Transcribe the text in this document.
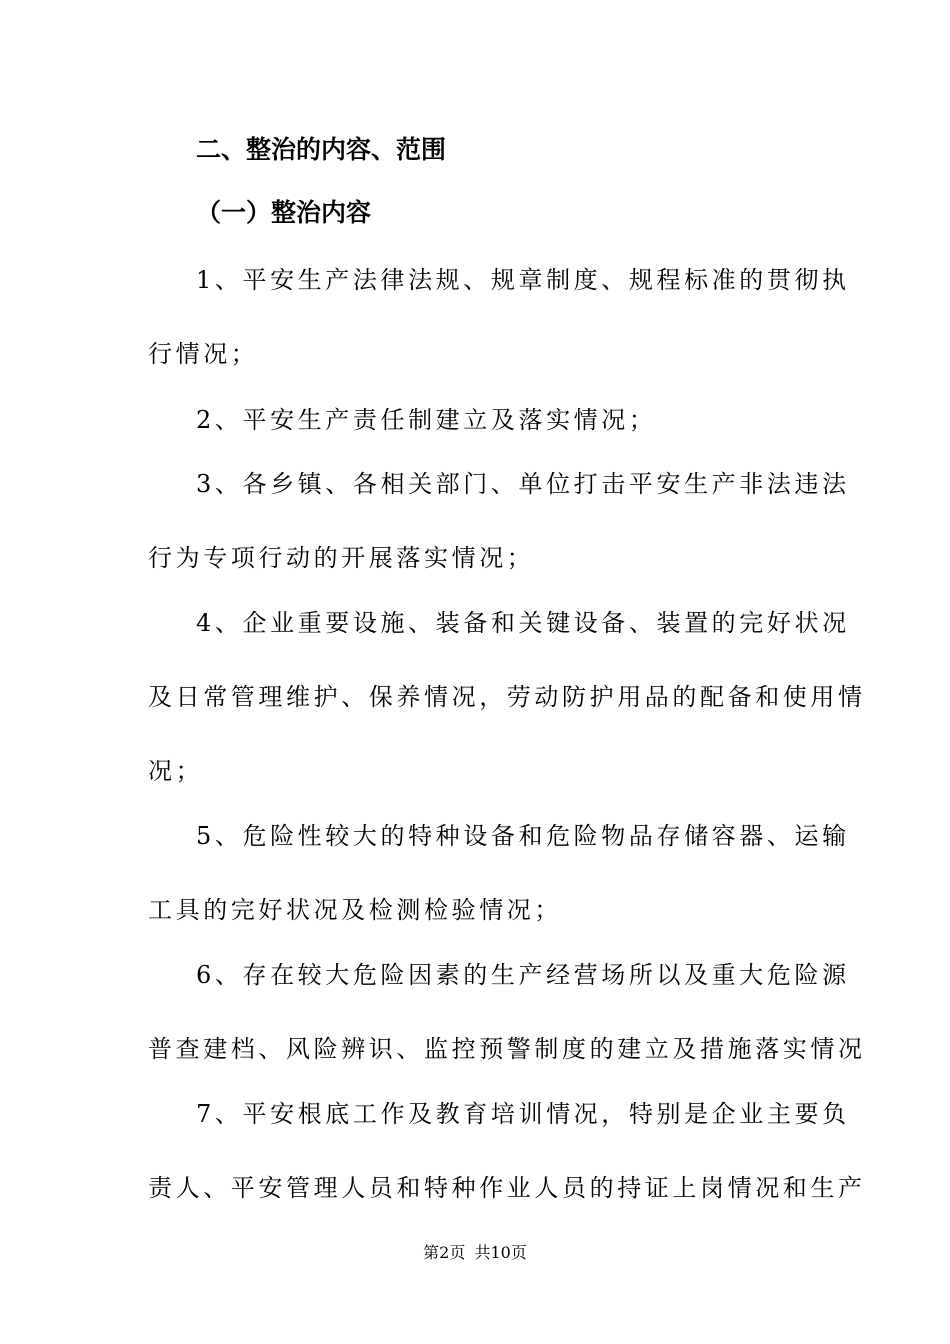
二、整治的内容、范围
（一）整治内容
1、平安生产法律法规、规章制度、规程标准的贯彻执
行情况；
2、平安生产责任制建立及落实情况；
3、各乡镇、各相关部门、单位打击平安生产非法违法
行为专项行动的开展落实情况；
4、企业重要设施、装备和关键设备、装置的完好状况
及日常管理维护、保养情况，劳动防护用品的配备和使用情
况；
5、危险性较大的特种设备和危险物品存储容器、运输
工具的完好状况及检测检验情况；
6、存在较大危险因素的生产经营场所以及重大危险源
普查建档、风险辨识、监控预警制度的建立及措施落实情况
7、平安根底工作及教育培训情况，特别是企业主要负
责人、平安管理人员和特种作业人员的持证上岗情况和生产
第2页 共10页
